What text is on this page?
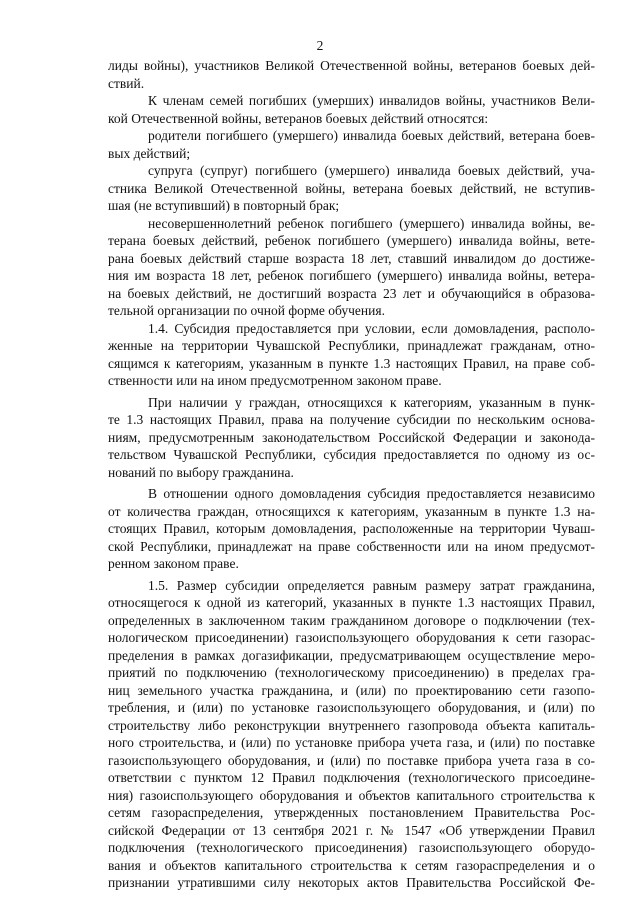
2
лиды войны), участников Великой Отечественной войны, ветеранов боевых дей-
ствий.
К членам семей погибших (умерших) инвалидов войны, участников Вели-
кой Отечественной войны, ветеранов боевых действий относятся:
родители погибшего (умершего) инвалида боевых действий, ветерана боев-
вых действий;
супруга (супруг) погибшего (умершего) инвалида боевых действий, уча-
стника Великой Отечественной войны, ветерана боевых действий, не вступив-
шая (не вступивший) в повторный брак;
несовершеннолетний ребенок погибшего (умершего) инвалида войны, ве-
терана боевых действий, ребенок погибшего (умершего) инвалида войны, вете-
рана боевых действий старше возраста 18 лет, ставший инвалидом до достиже-
ния им возраста 18 лет, ребенок погибшего (умершего) инвалида войны, ветера-
на боевых действий, не достигший возраста 23 лет и обучающийся в образова-
тельной организации по очной форме обучения.
1.4. Субсидия предоставляется при условии, если домовладения, располо-
женные на территории Чувашской Республики, принадлежат гражданам, отно-
сящимся к категориям, указанным в пункте 1.3 настоящих Правил, на праве соб-
ственности или на ином предусмотренном законом праве.
При наличии у граждан, относящихся к категориям, указанным в пунк-
те 1.3 настоящих Правил, права на получение субсидии по нескольким основа-
ниям, предусмотренным законодательством Российской Федерации и законода-
тельством Чувашской Республики, субсидия предоставляется по одному из ос-
нований по выбору гражданина.
В отношении одного домовладения субсидия предоставляется независимо
от количества граждан, относящихся к категориям, указанным в пункте 1.3 на-
стоящих Правил, которым домовладения, расположенные на территории Чуваш-
ской Республики, принадлежат на праве собственности или на ином предусмот-
ренном законом праве.
1.5. Размер субсидии определяется равным размеру затрат гражданина,
относящегося к одной из категорий, указанных в пункте 1.3 настоящих Правил,
определенных в заключенном таким гражданином договоре о подключении (тех-
нологическом присоединении) газоиспользующего оборудования к сети газорас-
пределения в рамках догазификации, предусматривающем осуществление меро-
приятий по подключению (технологическому присоединению) в пределах гра-
ниц земельного участка гражданина, и (или) по проектированию сети газопо-
требления, и (или) по установке газоиспользующего оборудования, и (или) по
строительству либо реконструкции внутреннего газопровода объекта капиталь-
ного строительства, и (или) по установке прибора учета газа, и (или) по поставке
газоиспользующего оборудования, и (или) по поставке прибора учета газа в со-
ответствии с пунктом 12 Правил подключения (технологического присоедине-
ния) газоиспользующего оборудования и объектов капитального строительства к
сетям газораспределения, утвержденных постановлением Правительства Рос-
сийской Федерации от 13 сентября 2021 г. № 1547 «Об утверждении Правил
подключения (технологического присоединения) газоиспользующего оборудо-
вания и объектов капитального строительства к сетям газораспределения и о
признании утратившими силу некоторых актов Правительства Российской Фе-
